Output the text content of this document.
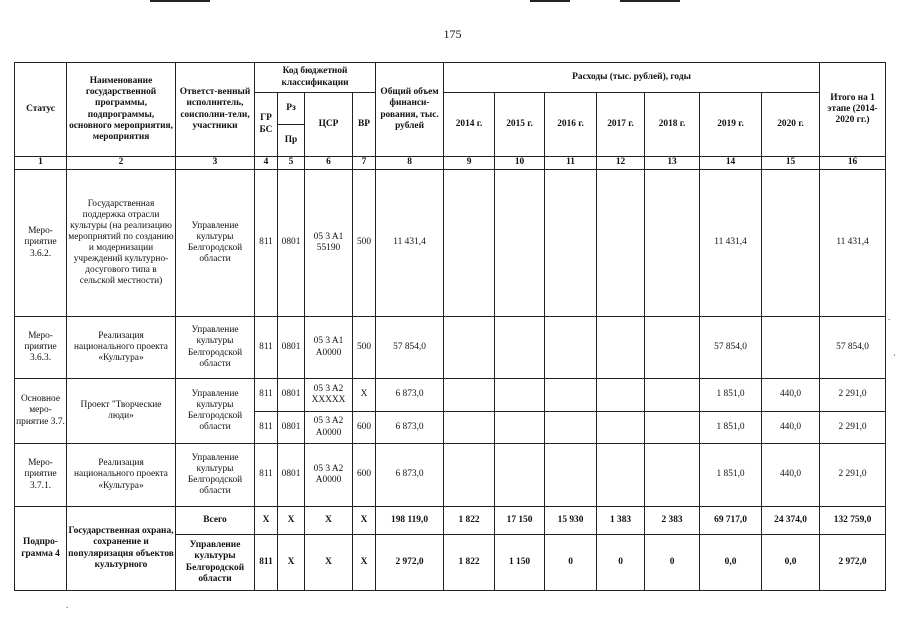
175
Статус	Наименование государственной программы, подпрограммы, основного мероприятия, мероприятия	Ответст-венный исполнитель, соисполни-тели, участники	Код бюджетной классификации				Общий объем финанси-рования, тыс. рублей	Расходы (тыс. рублей), годы							Итого на 1 этапе (2014-2020 гг.)
			ГР БС	Рз	ЦСР	ВР		2014 г.	2015 г.	2016 г.	2017 г.	2018 г.	2019 г.	2020 г.	
				Пр											
1	2	3	4	5	6	7	8	9	10	11	12	13	14	15	16
Меро-приятие 3.6.2.	Государственная поддержка отрасли культуры (на реализацию мероприятий по созданию и модернизации учреждений культурно-досугового типа в сельской местности)	Управление культуры Белгородской области	811	0801	05 3 A1 55190	500	11 431,4						11 431,4		11 431,4
Меро-приятие 3.6.3.	Реализация национального проекта «Культура»	Управление культуры Белгородской области	811	0801	05 3 A1 A0000	500	57 854,0						57 854,0		57 854,0
Основное меро-приятие 3.7.	Проект "Творческие люди»	Управление культуры Белгородской области	811	0801	05 3 A2 XXXXX	X	6 873,0						1 851,0	440,0	2 291,0
			811	0801	05 3 A2 A0000	600	6 873,0						1 851,0	440,0	2 291,0
Меро-приятие 3.7.1.	Реализация национального проекта «Культура»	Управление культуры Белгородской области	811	0801	05 3 A2 A0000	600	6 873,0						1 851,0	440,0	2 291,0
Подпро-грамма 4	Государственная охрана, сохранение и популяризация объектов культурного	Всего	X	X	X	X	198 119,0	1 822	17 150	15 930	1 383	2 383	69 717,0	24 374,0	132 759,0
		Управление культуры Белгородской области	811	X	X	X	2 972,0	1 822	1 150	0	0	0	0,0	0,0	2 972,0
.
·
.
